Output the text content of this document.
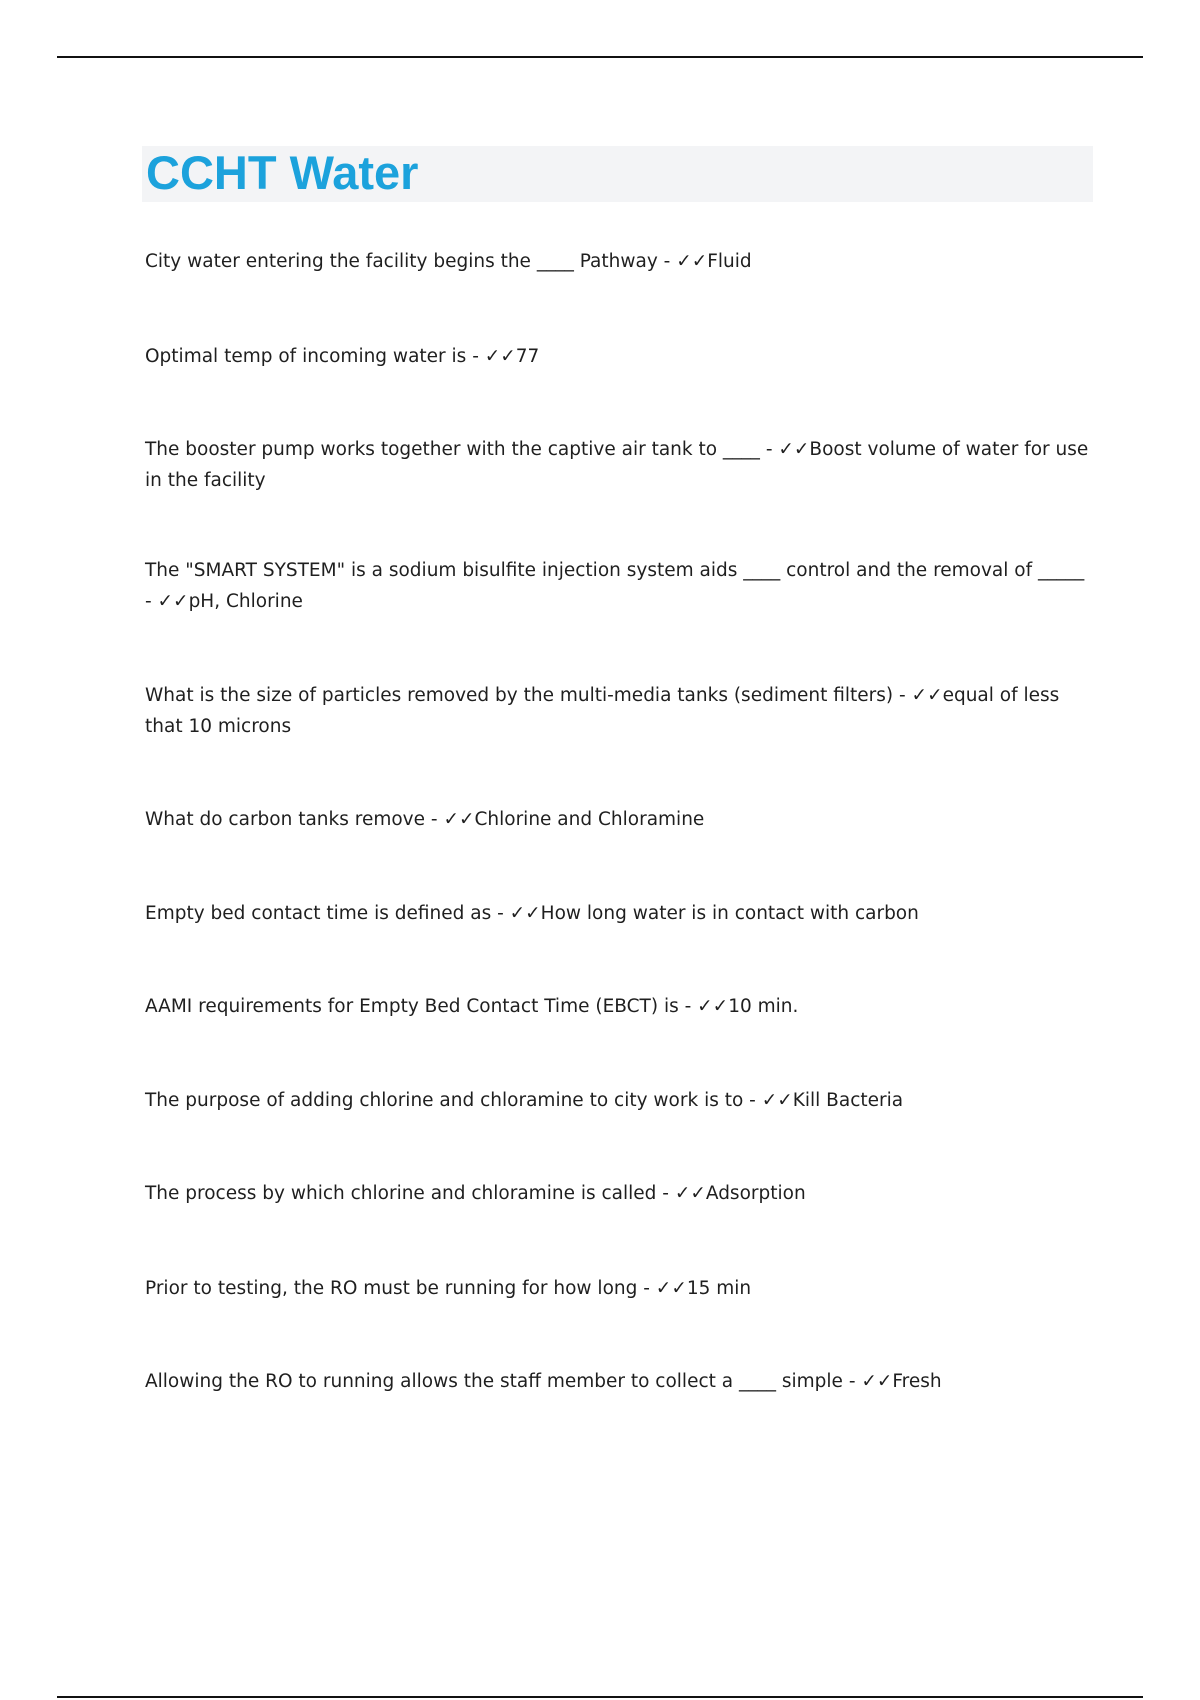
CCHT Water

City water entering the facility begins the ____ Pathway - ✓✓Fluid

Optimal temp of incoming water is - ✓✓77

The booster pump works together with the captive air tank to ____ - ✓✓Boost volume of water for use in the facility

The "SMART SYSTEM" is a sodium bisulfite injection system aids ____ control and the removal of _____ - ✓✓pH, Chlorine

What is the size of particles removed by the multi-media tanks (sediment filters) - ✓✓equal of less that 10 microns

What do carbon tanks remove - ✓✓Chlorine and Chloramine

Empty bed contact time is defined as - ✓✓How long water is in contact with carbon

AAMI requirements for Empty Bed Contact Time (EBCT) is - ✓✓10 min.

The purpose of adding chlorine and chloramine to city work is to - ✓✓Kill Bacteria

The process by which chlorine and chloramine is called - ✓✓Adsorption

Prior to testing, the RO must be running for how long - ✓✓15 min

Allowing the RO to running allows the staff member to collect a ____ simple - ✓✓Fresh
